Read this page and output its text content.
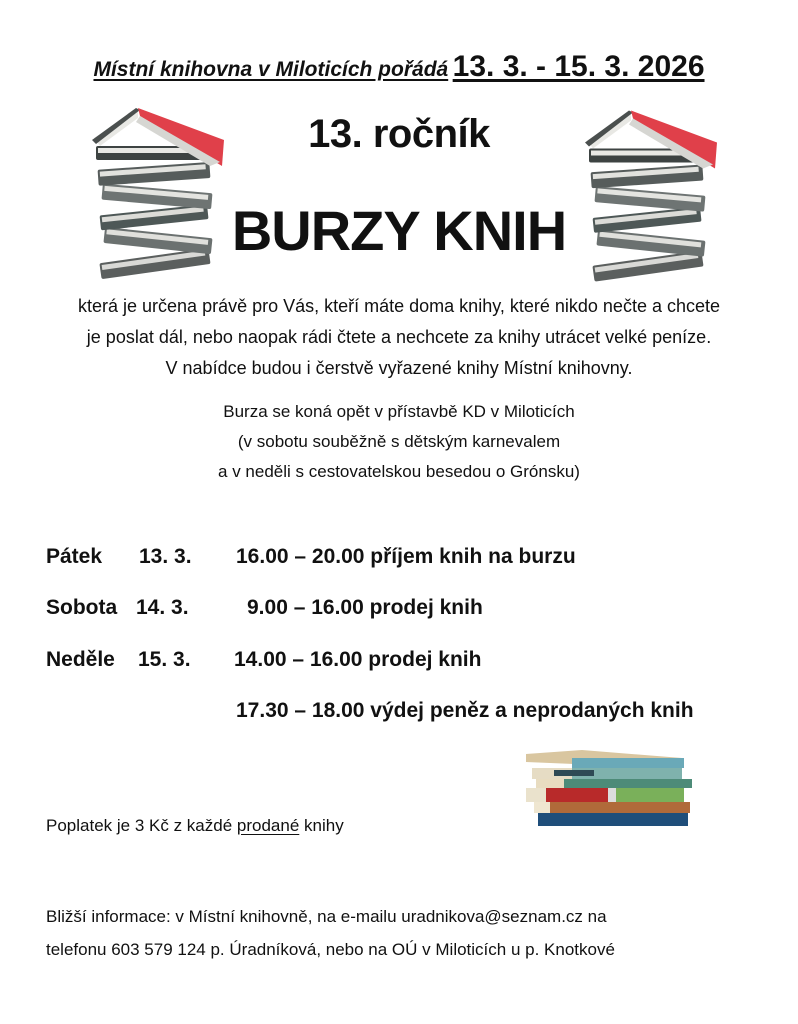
Místní knihovna v Miloticích pořádá 13. 3. - 15. 3. 2026
13. ročník
BURZY KNIH
která je určena právě pro Vás, kteří máte doma knihy, které nikdo nečte a chcete
je poslat dál, nebo naopak rádi čtete a nechcete za knihy utrácet velké peníze.
V nabídce budou i čerstvě vyřazené knihy Místní knihovny.
Burza se koná opět v přístavbě KD v Miloticích
(v sobotu souběžně s dětským karnevalem
a v neděli s cestovatelskou besedou o Grónsku)
Pátek 13. 3. 16.00 – 20.00 příjem knih na burzu
Sobota 14. 3.	9.00 – 16.00 prodej knih
Neděle 15. 3. 14.00 – 16.00 prodej knih
17.30 – 18.00 výdej peněz a neprodaných knih
Poplatek je 3 Kč z každé prodané knihy
Bližší informace: v Místní knihovně, na e-mailu uradnikova@seznam.cz na
telefonu 603 579 124 p. Úradníková, nebo na OÚ v Miloticích u p. Knotkové
